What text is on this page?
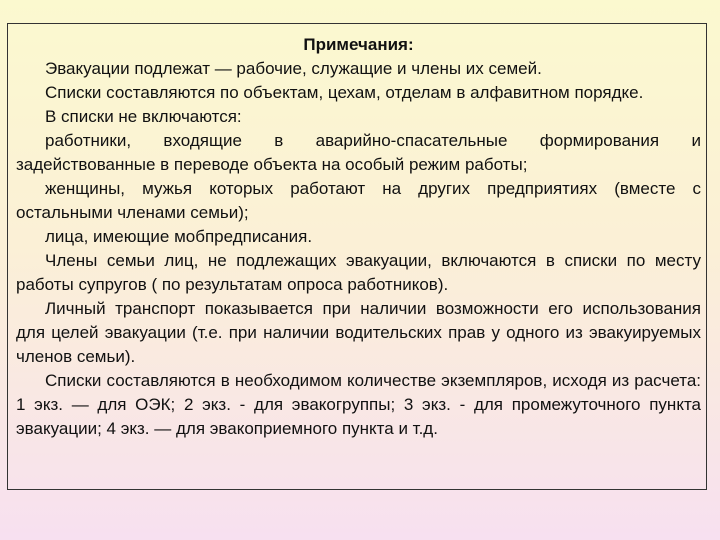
Примечания:

Эвакуации подлежат — рабочие, служащие и члены их семей.

Списки составляются по объектам, цехам, отделам в алфавитном порядке.

В списки не включаются:

работники, входящие в аварийно-спасательные формирования и задействованные в переводе объекта на особый режим работы;

женщины, мужья которых работают на других предприятиях (вместе с остальными членами семьи);

лица, имеющие мобпредписания.

Члены семьи лиц, не подлежащих эвакуации, включаются в списки по месту работы супругов ( по результатам опроса работников).

Личный транспорт показывается при наличии возможности его использования для целей эвакуации (т.е. при наличии водительских прав у одного из эвакуируемых членов семьи).

Списки составляются в необходимом количестве экземпляров, исходя из расчета: 1 экз. — для ОЭК; 2 экз. - для эвакогруппы; 3 экз. - для промежуточного пункта эвакуации; 4 экз. — для эвакоприемного пункта и т.д.
